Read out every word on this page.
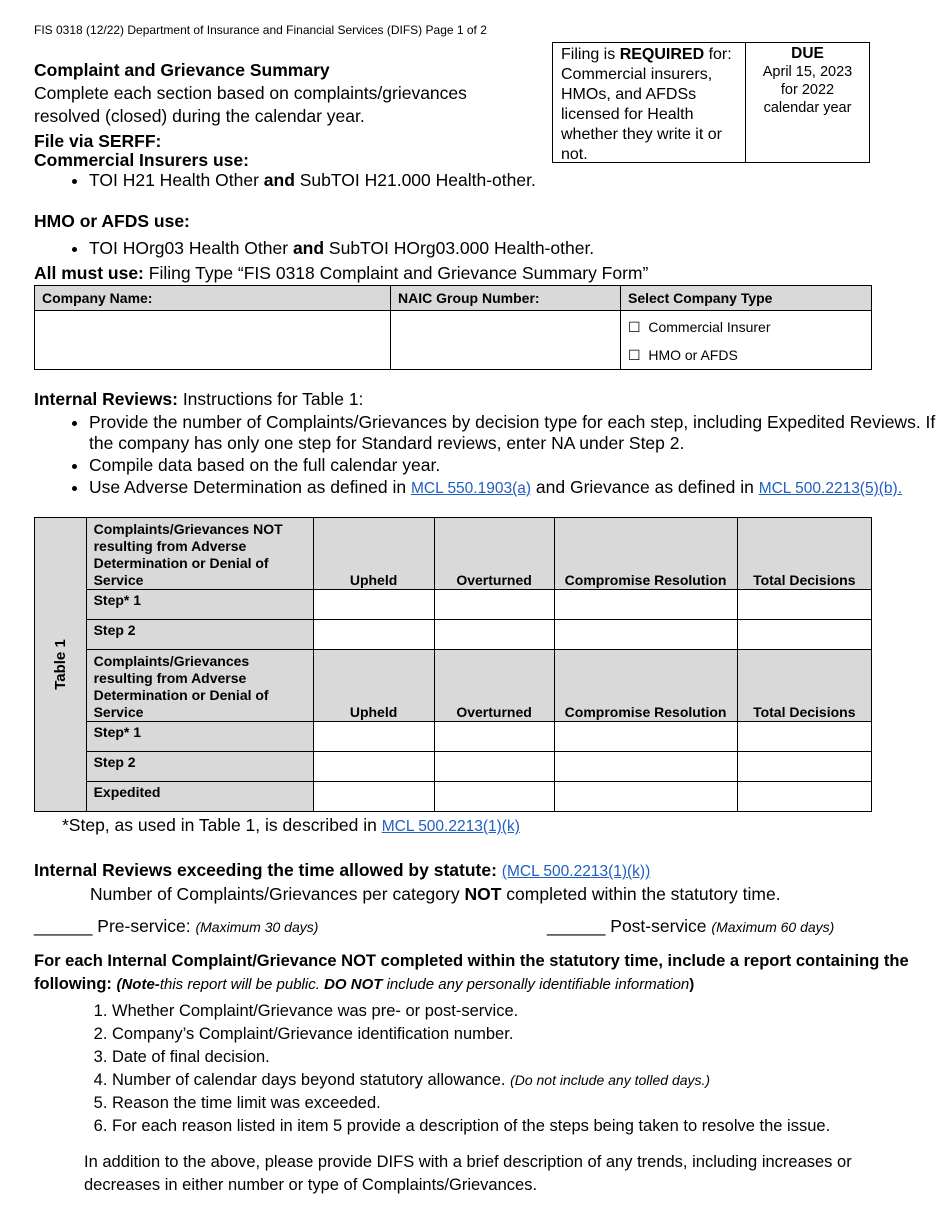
FIS 0318 (12/22) Department of Insurance and Financial Services (DIFS) Page 1 of 2
Filing is REQUIRED for: Commercial insurers, HMOs, and AFDSs licensed for Health whether they write it or not.
DUE
April 15, 2023
for 2022
calendar year
Complaint and Grievance Summary
Complete each section based on complaints/grievances resolved (closed) during the calendar year.
File via SERFF:
Commercial Insurers use:
• TOI H21 Health Other and SubTOI H21.000 Health-other.
HMO or AFDS use:
• TOI HOrg03 Health Other and SubTOI HOrg03.000 Health-other.
All must use: Filing Type “FIS 0318 Complaint and Grievance Summary Form”
Company Name:	NAIC Group Number:	Select Company Type

		☐ Commercial Insurer
☐ HMO or AFDS
Internal Reviews: Instructions for Table 1:
• Provide the number of Complaints/Grievances by decision type for each step, including Expedited Reviews. If the company has only one step for Standard reviews, enter NA under Step 2.
• Compile data based on the full calendar year.
• Use Adverse Determination as defined in MCL 550.1903(a) and Grievance as defined in MCL 500.2213(5)(b).
Table 1	Complaints/Grievances NOT resulting from Adverse Determination or Denial of Service	Upheld	Overturned	Compromise Resolution	Total Decisions
	Step* 1				
	Step 2				
	Complaints/Grievances resulting from Adverse Determination or Denial of Service	Upheld	Overturned	Compromise Resolution	Total Decisions
	Step* 1				
	Step 2				
	Expedited				
*Step, as used in Table 1, is described in MCL 500.2213(1)(k)
Internal Reviews exceeding the time allowed by statute: (MCL 500.2213(1)(k))
Number of Complaints/Grievances per category NOT completed within the statutory time.
______ Pre-service: (Maximum 30 days)	______ Post-service (Maximum 60 days)
For each Internal Complaint/Grievance NOT completed within the statutory time, include a report containing the following: (Note-this report will be public. DO NOT include any personally identifiable information)
1. Whether Complaint/Grievance was pre- or post-service.
2. Company’s Complaint/Grievance identification number.
3. Date of final decision.
4. Number of calendar days beyond statutory allowance. (Do not include any tolled days.)
5. Reason the time limit was exceeded.
6. For each reason listed in item 5 provide a description of the steps being taken to resolve the issue.
In addition to the above, please provide DIFS with a brief description of any trends, including increases or decreases in either number or type of Complaints/Grievances.
